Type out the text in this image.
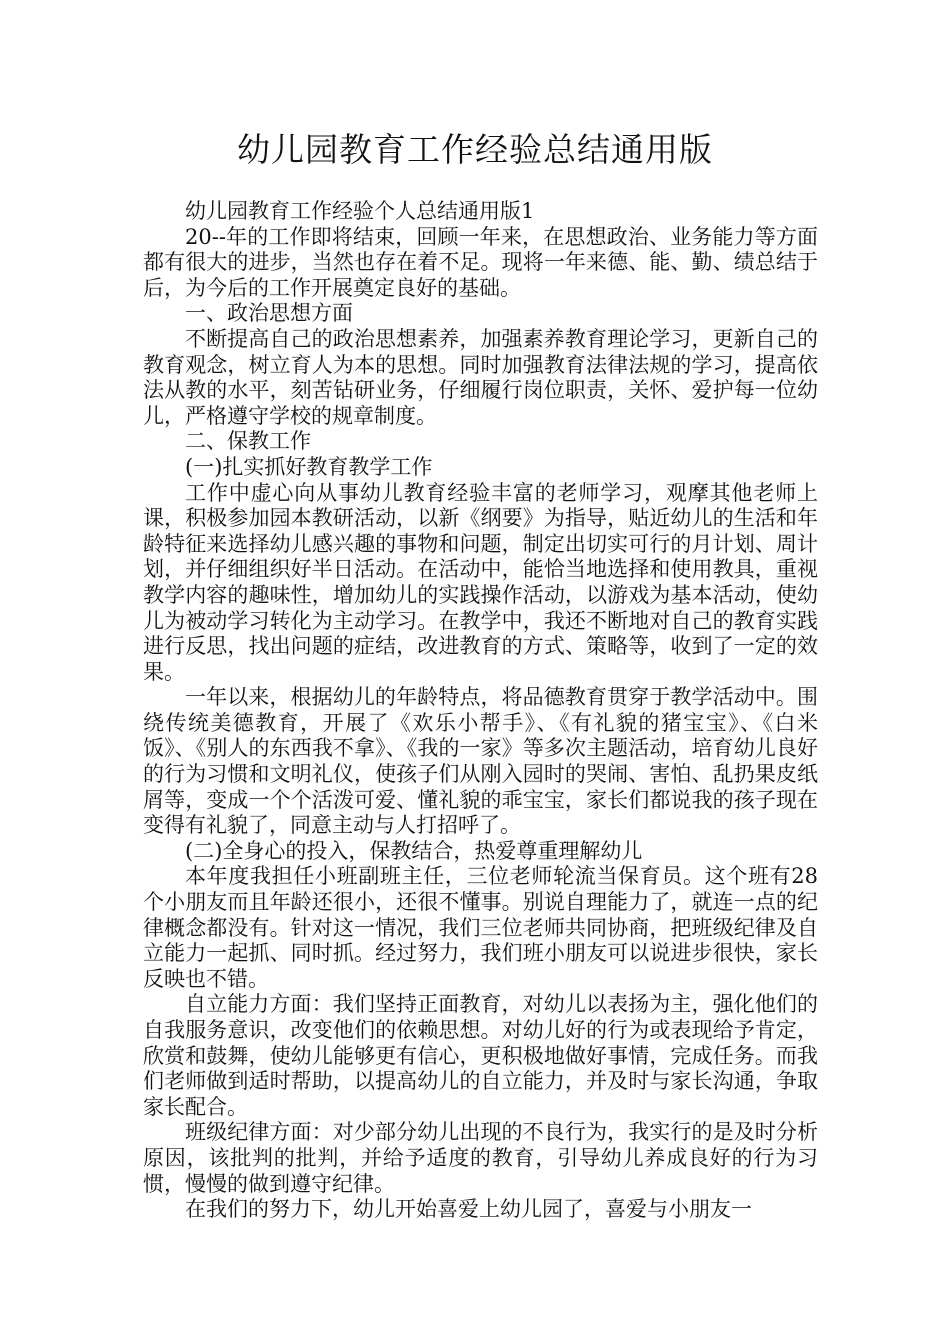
幼儿园教育工作经验总结通用版

幼儿园教育工作经验个人总结通用版1

20--年的工作即将结束，回顾一年来，在思想政治、业务能力等方面都有很大的进步，当然也存在着不足。现将一年来德、能、勤、绩总结于后，为今后的工作开展奠定良好的基础。

一、政治思想方面

不断提高自己的政治思想素养，加强素养教育理论学习，更新自己的教育观念，树立育人为本的思想。同时加强教育法律法规的学习，提高依法从教的水平，刻苦钻研业务，仔细履行岗位职责，关怀、爱护每一位幼儿，严格遵守学校的规章制度。

二、保教工作

(一)扎实抓好教育教学工作

工作中虚心向从事幼儿教育经验丰富的老师学习，观摩其他老师上课，积极参加园本教研活动，以新《纲要》为指导，贴近幼儿的生活和年龄特征来选择幼儿感兴趣的事物和问题，制定出切实可行的月计划、周计划，并仔细组织好半日活动。在活动中，能恰当地选择和使用教具，重视教学内容的趣味性，增加幼儿的实践操作活动，以游戏为基本活动，使幼儿为被动学习转化为主动学习。在教学中，我还不断地对自己的教育实践进行反思，找出问题的症结，改进教育的方式、策略等，收到了一定的效果。

一年以来，根据幼儿的年龄特点，将品德教育贯穿于教学活动中。围绕传统美德教育，开展了《欢乐小帮手》、《有礼貌的猪宝宝》、《白米饭》、《别人的东西我不拿》、《我的一家》等多次主题活动，培育幼儿良好的行为习惯和文明礼仪，使孩子们从刚入园时的哭闹、害怕、乱扔果皮纸屑等，变成一个个活泼可爱、懂礼貌的乖宝宝，家长们都说我的孩子现在变得有礼貌了，同意主动与人打招呼了。

(二)全身心的投入，保教结合，热爱尊重理解幼儿

本年度我担任小班副班主任，三位老师轮流当保育员。这个班有28个小朋友而且年龄还很小，还很不懂事。别说自理能力了，就连一点的纪律概念都没有。针对这一情况，我们三位老师共同协商，把班级纪律及自立能力一起抓、同时抓。经过努力，我们班小朋友可以说进步很快，家长反映也不错。

自立能力方面：我们坚持正面教育，对幼儿以表扬为主，强化他们的自我服务意识，改变他们的依赖思想。对幼儿好的行为或表现给予肯定，欣赏和鼓舞，使幼儿能够更有信心，更积极地做好事情，完成任务。而我们老师做到适时帮助，以提高幼儿的自立能力，并及时与家长沟通，争取家长配合。

班级纪律方面：对少部分幼儿出现的不良行为，我实行的是及时分析原因，该批判的批判，并给予适度的教育，引导幼儿养成良好的行为习惯，慢慢的做到遵守纪律。

在我们的努力下，幼儿开始喜爱上幼儿园了，喜爱与小朋友一
